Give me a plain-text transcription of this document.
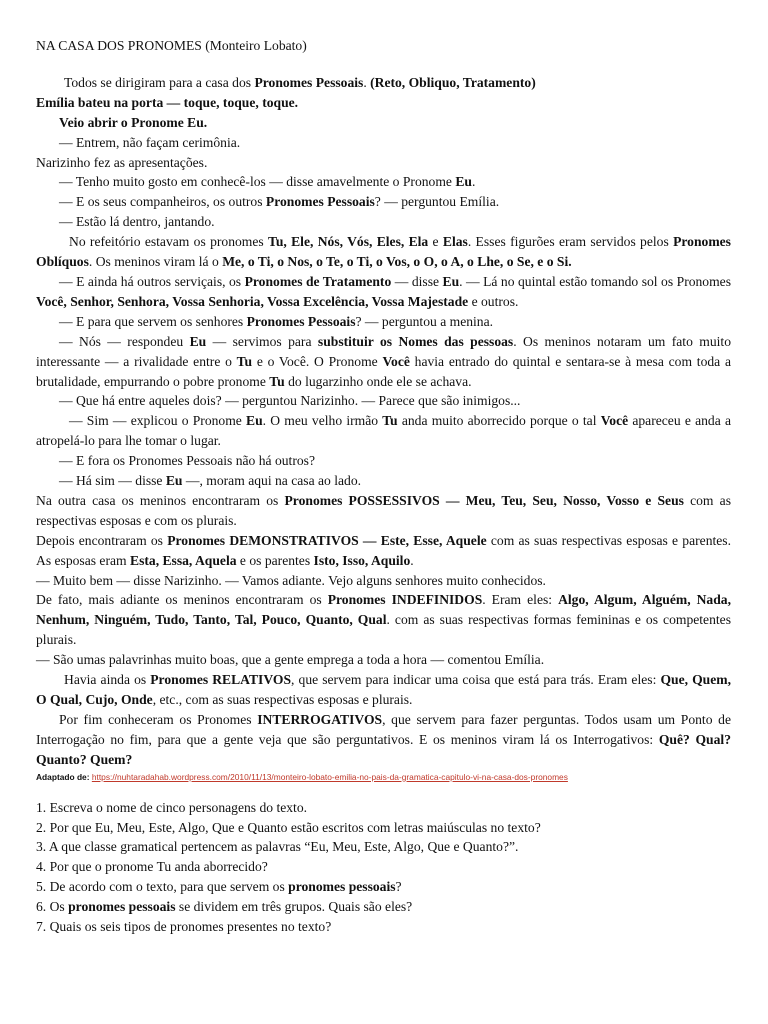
NA CASA DOS PRONOMES (Monteiro Lobato)

Todos se dirigiram para a casa dos Pronomes Pessoais. (Reto, Obliquo, Tratamento)

Emília bateu na porta — toque, toque, toque.

Veio abrir o Pronome Eu.

— Entrem, não façam cerimônia.

Narizinho fez as apresentações.

— Tenho muito gosto em conhecê-los — disse amavelmente o Pronome Eu.

— E os seus companheiros, os outros Pronomes Pessoais? — perguntou Emília.

— Estão lá dentro, jantando.

No refeitório estavam os pronomes Tu, Ele, Nós, Vós, Eles, Ela e Elas. Esses figurões eram servidos pelos Pronomes Oblíquos. Os meninos viram lá o Me, o Ti, o Nos, o Te, o Ti, o Vos, o O, o A, o Lhe, o Se, e o Si.

— E ainda há outros serviçais, os Pronomes de Tratamento — disse Eu. — Lá no quintal estão tomando sol os Pronomes Você, Senhor, Senhora, Vossa Senhoria, Vossa Excelência, Vossa Majestade e outros.

— E para que servem os senhores Pronomes Pessoais? — perguntou a menina.

— Nós — respondeu Eu — servimos para substituir os Nomes das pessoas. Os meninos notaram um fato muito interessante — a rivalidade entre o Tu e o Você. O Pronome Você havia entrado do quintal e sentara-se à mesa com toda a brutalidade, empurrando o pobre pronome Tu do lugarzinho onde ele se achava.

— Que há entre aqueles dois? — perguntou Narizinho. — Parece que são inimigos...

— Sim — explicou o Pronome Eu. O meu velho irmão Tu anda muito aborrecido porque o tal Você apareceu e anda a atropelá-lo para lhe tomar o lugar.

— E fora os Pronomes Pessoais não há outros?

— Há sim — disse Eu —, moram aqui na casa ao lado.

Na outra casa os meninos encontraram os Pronomes POSSESSIVOS — Meu, Teu, Seu, Nosso, Vosso e Seus com as respectivas esposas e com os plurais.

Depois encontraram os Pronomes DEMONSTRATIVOS — Este, Esse, Aquele com as suas respectivas esposas e parentes. As esposas eram Esta, Essa, Aquela e os parentes Isto, Isso, Aquilo.

— Muito bem — disse Narizinho. — Vamos adiante. Vejo alguns senhores muito conhecidos.

De fato, mais adiante os meninos encontraram os Pronomes INDEFINIDOS. Eram eles: Algo, Algum, Alguém, Nada, Nenhum, Ninguém, Tudo, Tanto, Tal, Pouco, Quanto, Qual. com as suas respectivas formas femininas e os competentes plurais.

— São umas palavrinhas muito boas, que a gente emprega a toda a hora — comentou Emília.

Havia ainda os Pronomes RELATIVOS, que servem para indicar uma coisa que está para trás. Eram eles: Que, Quem, O Qual, Cujo, Onde, etc., com as suas respectivas esposas e plurais.

Por fim conheceram os Pronomes INTERROGATIVOS, que servem para fazer perguntas. Todos usam um Ponto de Interrogação no fim, para que a gente veja que são perguntativos. E os meninos viram lá os Interrogativos: Quê? Qual? Quanto? Quem?

Adaptado de: https://nuhtaradahab.wordpress.com/2010/11/13/monteiro-lobato-emilia-no-pais-da-gramatica-capitulo-vi-na-casa-dos-pronomes

1. Escreva o nome de cinco personagens do texto.

2. Por que Eu, Meu, Este, Algo, Que e Quanto estão escritos com letras maiúsculas no texto?

3. A que classe gramatical pertencem as palavras “Eu, Meu, Este, Algo, Que e Quanto?”.

4. Por que o pronome Tu anda aborrecido?

5. De acordo com o texto, para que servem os pronomes pessoais?

6. Os pronomes pessoais se dividem em três grupos. Quais são eles?

7. Quais os seis tipos de pronomes presentes no texto?
